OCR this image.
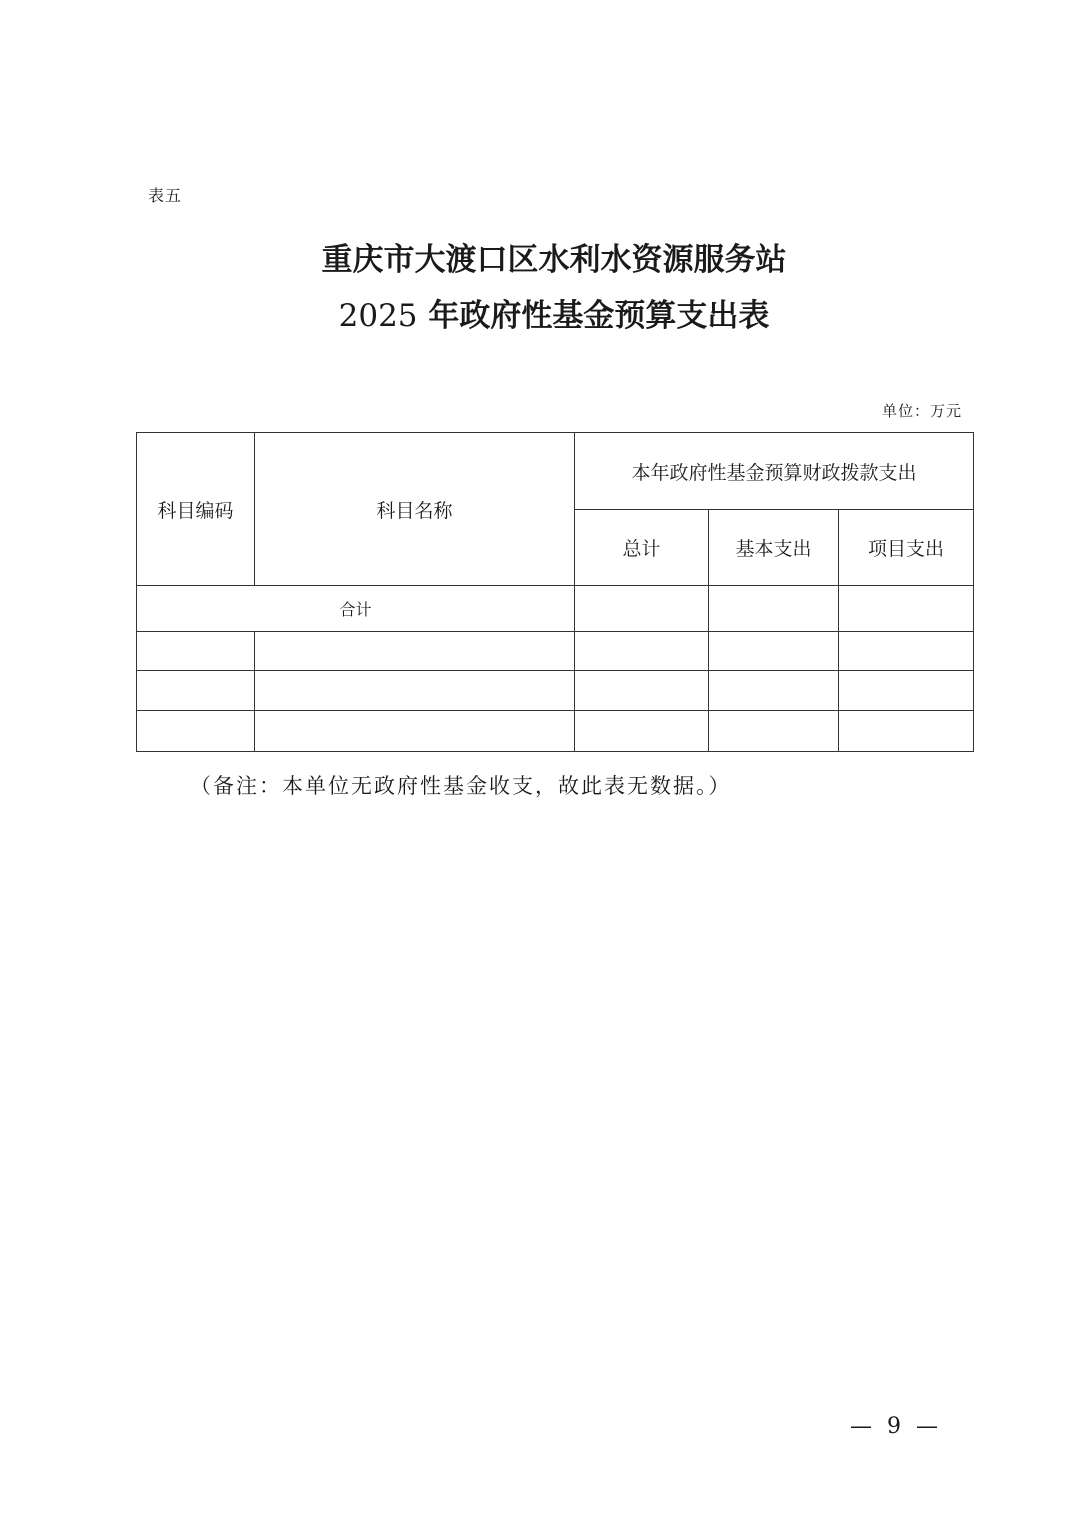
表五
重庆市大渡口区水利水资源服务站
2025 年政府性基金预算支出表
单位：万元
科目编码	科目名称	本年政府性基金预算财政拨款支出		
		总计	基本支出	项目支出
合计				

（备注：本单位无政府性基金收支，故此表无数据。）
— 9 —
